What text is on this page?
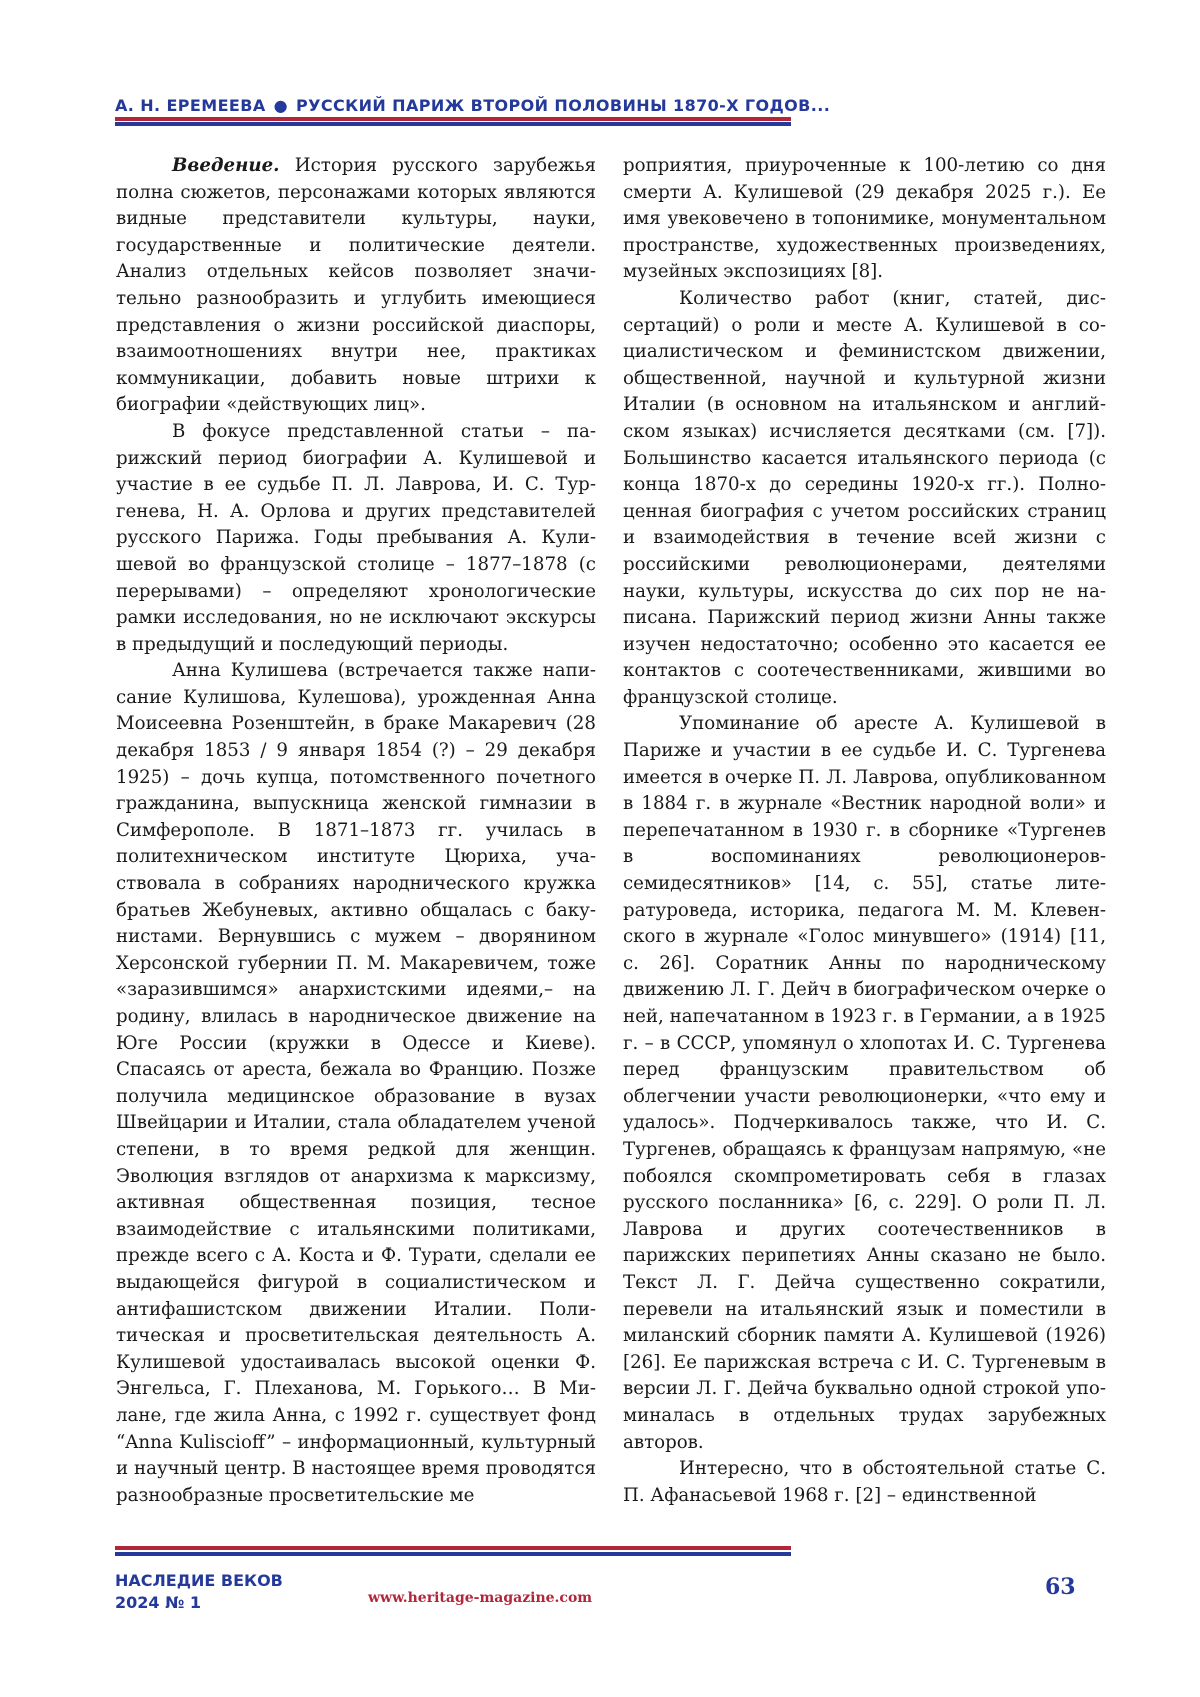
А. Н. ЕРЕМЕЕВА ● РУССКИЙ ПАРИЖ ВТОРОЙ ПОЛОВИНЫ 1870-Х ГОДОВ...

Введение. История русского зарубежья полна сюжетов, персонажами которых являются видные представители культуры, науки, государственные и политические деятели. Анализ отдельных кейсов позволяет значительно разнообразить и углубить имеющиеся представления о жизни российской диаспоры, взаимоотношениях внутри нее, практиках коммуникации, добавить новые штрихи к биографии «действующих лиц».

В фокусе представленной статьи – парижский период биографии А. Кулишевой и участие в ее судьбе П. Л. Лаврова, И. С. Тургенева, Н. А. Орлова и других представителей русского Парижа. Годы пребывания А. Кулишевой во французской столице – 1877–1878 (с перерывами) – определяют хронологические рамки исследования, но не исключают экскурсы в предыдущий и последующий периоды.

Анна Кулишева (встречается также написание Кулишова, Кулешова), урожденная Анна Моисеевна Розенштейн, в браке Макаревич (28 декабря 1853 / 9 января 1854 (?) – 29 декабря 1925) – дочь купца, потомственного почетного гражданина, выпускница женской гимназии в Симферополе. В 1871–1873 гг. училась в политехническом институте Цюриха, участвовала в собраниях народнического кружка братьев Жебуневых, активно общалась с бакунистами. Вернувшись с мужем – дворянином Херсонской губернии П. М. Макаревичем, тоже «заразившимся» анархистскими идеями,– на родину, влилась в народническое движение на Юге России (кружки в Одессе и Киеве). Спасаясь от ареста, бежала во Францию. Позже получила медицинское образование в вузах Швейцарии и Италии, стала обладателем ученой степени, в то время редкой для женщин. Эволюция взглядов от анархизма к марксизму, активная общественная позиция, тесное взаимодействие с итальянскими политиками, прежде всего с А. Коста и Ф. Турати, сделали ее выдающейся фигурой в социалистическом и антифашистском движении Италии. Политическая и просветительская деятельность А. Кулишевой удостаивалась высокой оценки Ф. Энгельса, Г. Плеханова, М. Горького… В Милане, где жила Анна, с 1992 г. существует фонд “Anna Kuliscioff” – информационный, культурный и научный центр. В настоящее время проводятся разнообразные просветительские ме

роприятия, приуроченные к 100-летию со дня смерти А. Кулишевой (29 декабря 2025 г.). Ее имя увековечено в топонимике, монументальном пространстве, художественных произведениях, музейных экспозициях [8].

Количество работ (книг, статей, диссертаций) о роли и месте А. Кулишевой в социалистическом и феминистском движении, общественной, научной и культурной жизни Италии (в основном на итальянском и английском языках) исчисляется десятками (см. [7]). Большинство касается итальянского периода (с конца 1870-х до середины 1920-х гг.). Полноценная биография с учетом российских страниц и взаимодействия в течение всей жизни с российскими революционерами, деятелями науки, культуры, искусства до сих пор не написана. Парижский период жизни Анны также изучен недостаточно; особенно это касается ее контактов с соотечественниками, жившими во французской столице.

Упоминание об аресте А. Кулишевой в Париже и участии в ее судьбе И. С. Тургенева имеется в очерке П. Л. Лаврова, опубликованном в 1884 г. в журнале «Вестник народной воли» и перепечатанном в 1930 г. в сборнике «Тургенев в воспоминаниях революционеров-семидесятников» [14, с. 55], статье литературоведа, историка, педагога М. М. Клевенского в журнале «Голос минувшего» (1914) [11, с. 26]. Соратник Анны по народническому движению Л. Г. Дейч в биографическом очерке о ней, напечатанном в 1923 г. в Германии, а в 1925 г. – в СССР, упомянул о хлопотах И. С. Тургенева перед французским правительством об облегчении участи революционерки, «что ему и удалось». Подчеркивалось также, что И. С. Тургенев, обращаясь к французам напрямую, «не побоялся скомпрометировать себя в глазах русского посланника» [6, с. 229]. О роли П. Л. Лаврова и других соотечественников в парижских перипетиях Анны сказано не было. Текст Л. Г. Дейча существенно сократили, перевели на итальянский язык и поместили в миланский сборник памяти А. Кулишевой (1926) [26]. Ее парижская встреча с И. С. Тургеневым в версии Л. Г. Дейча буквально одной строкой упоминалась в отдельных трудах зарубежных авторов.

Интересно, что в обстоятельной статье С. П. Афанасьевой 1968 г. [2] – единственной

НАСЛЕДИЕ ВЕКОВ
2024 № 1	www.heritage-magazine.com	63
